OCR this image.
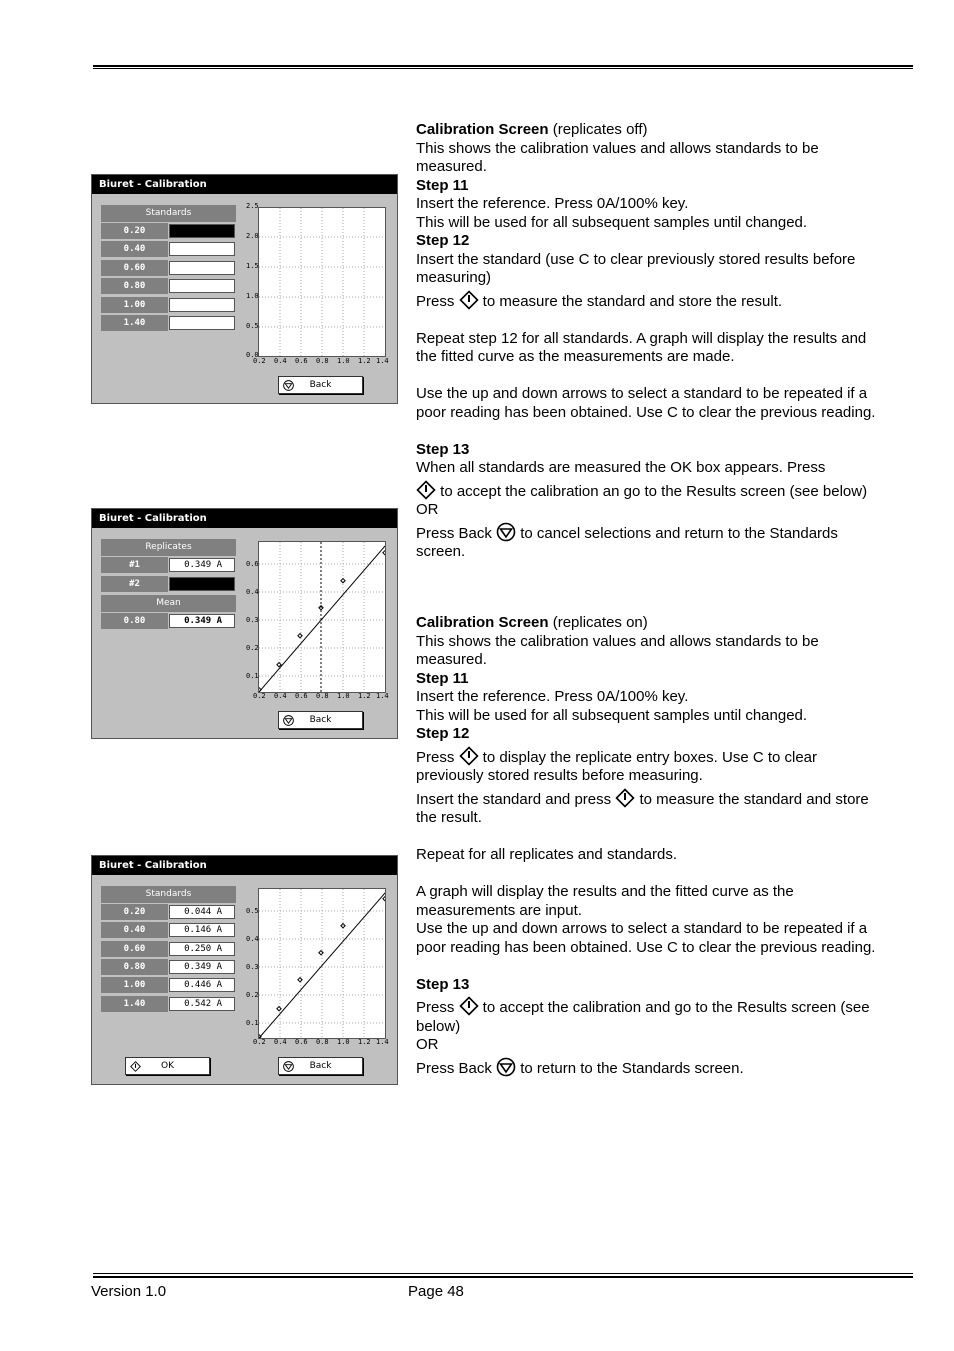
Biuret - Calibration
Standards
0.20
0.40
0.60
0.80
1.00
1.40
2.5
2.0
1.5
1.0
0.5
0.0
0.2 0.4 0.6 0.8 1.0 1.2 1.4
Back
Biuret - Calibration
Replicates
#1	0.349 A
#2
Mean
0.80	0.349 A
0.6
0.4
0.3
0.2
0.1
0.2 0.4 0.6 0.8 1.0 1.2 1.4
Back
Biuret - Calibration
Standards
0.20	0.044 A
0.40	0.146 A
0.60	0.250 A
0.80	0.349 A
1.00	0.446 A
1.40	0.542 A
0.5
0.4
0.3
0.2
0.1
0.2 0.4 0.6 0.8 1.0 1.2 1.4
OK	Back

Calibration Screen (replicates off)

This shows the calibration values and allows standards to be measured.

Step 11

Insert the reference. Press 0A/100% key.

This will be used for all subsequent samples until changed.

Step 12

Insert the standard (use C to clear previously stored results before measuring)

Press  to measure the standard and store the result.

Repeat step 12 for all standards. A graph will display the results and the fitted curve as the measurements are made.

Use the up and down arrows to select a standard to be repeated if a poor reading has been obtained. Use C to clear the previous reading.

Step 13

When all standards are measured the OK box appears. Press

to accept the calibration an go to the Results screen (see below)

OR

Press Back  to cancel selections and return to the Standards screen.

Calibration Screen (replicates on)

This shows the calibration values and allows standards to be measured.

Step 11

Insert the reference. Press 0A/100% key.

This will be used for all subsequent samples until changed.

Step 12

Press  to display the replicate entry boxes. Use C to clear previously stored results before measuring.

Insert the standard and press  to measure the standard and store the result.

Repeat for all replicates and standards.

A graph will display the results and the fitted curve as the measurements are input.

Use the up and down arrows to select a standard to be repeated if a poor reading has been obtained. Use C to clear the previous reading.

Step 13

Press  to accept the calibration and go to the Results screen (see below)

OR

Press Back  to return to the Standards screen.

Version 1.0	Page 48
